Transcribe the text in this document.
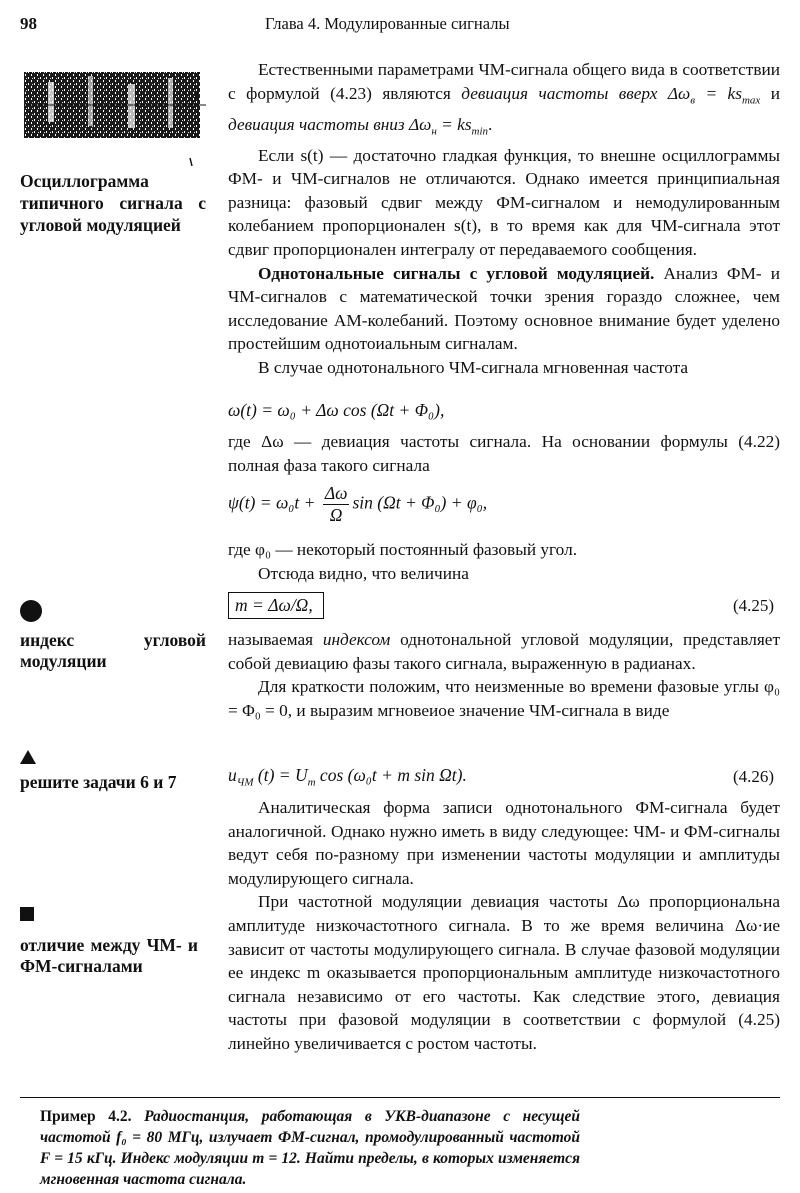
98	Глава 4. Модулированные сигналы
t
Осциллограмма типичного сигнала с угловой модуляцией
индекс угловой модуляции
решите задачи 6 и 7
отличие между ЧМ- и ФМ-сигналами

Естественными параметрами ЧМ-сигнала общего вида в соответствии с формулой (4.23) являются девиация частоты вверх $\Delta\omega_в = ks_{max}$ и девиация частоты вниз $\Delta\omega_н = ks_{min}$.

Если s(t) — достаточно гладкая функция, то внешне осциллограммы ФМ- и ЧМ-сигналов не отличаются. Однако имеется принципиальная разница: фазовый сдвиг между ФМ-сигналом и немодулированным колебанием пропорционален s(t), в то время как для ЧМ-сигнала этот сдвиг пропорционален интегралу от передаваемого сообщения.

Однотональные сигналы с угловой модуляцией. Анализ ФМ- и ЧМ-сигналов с математической точки зрения гораздо сложнее, чем исследование АМ-колебаний. Поэтому основное внимание будет уделено простейшим однотоиальным сигналам.

В случае однотонального ЧМ-сигнала мгновенная частота

ω(t) = ω₀ + Δω cos (Ωt + Φ₀),

где Δω — девиация частоты сигнала. На основании формулы (4.22) полная фаза такого сигнала

$\psi(t) = \omega_0t + \frac{\Delta\omega}{\Omega}$ sin (Ωt + Φ₀) + φ₀,

где φ₀ — некоторый постоянный фазовый угол.

Отсюда видно, что величина

m = Δω/Ω,	(4.25)

называемая индексом однотональной угловой модуляции, представляет собой девиацию фазы такого сигнала, выраженную в радианах.

Для краткости положим, что неизменные во времени фазовые углы φ₀ = Φ₀ = 0, и выразим мгновеиое значение ЧМ-сигнала в виде

$u_{ЧМ}$ $(t) = U_m$ cos (ω₀t + m sin Ωt).	(4.26)

Аналитическая форма записи однотонального ФМ-сигнала будет аналогичной. Однако нужно иметь в виду следующее: ЧМ- и ФМ-сигналы ведут себя по-разному при изменении частоты модуляции и амплитуды модулирующего сигнала.

При частотной модуляции девиация частоты Δω пропорциональна амплитуде низкочастотного сигнала. В то же время величина Δω·ие зависит от частоты модулирующего сигнала. В случае фазовой модуляции ее индекс m оказывается пропорциональным амплитуде низкочастотного сигнала независимо от его частоты. Как следствие этого, девиация частоты при фазовой модуляции в соответствии с формулой (4.25) линейно увеличивается с ростом частоты.

Пример 4.2. Радиостанция, работающая в УКВ-диапазоне с несущей частотой f₀ = 80 МГц, излучает ФМ-сигнал, промодулированный частотой F = 15 кГц. Индекс модуляции m = 12. Найти пределы, в которых изменяется мгновенная частота сигнала.
